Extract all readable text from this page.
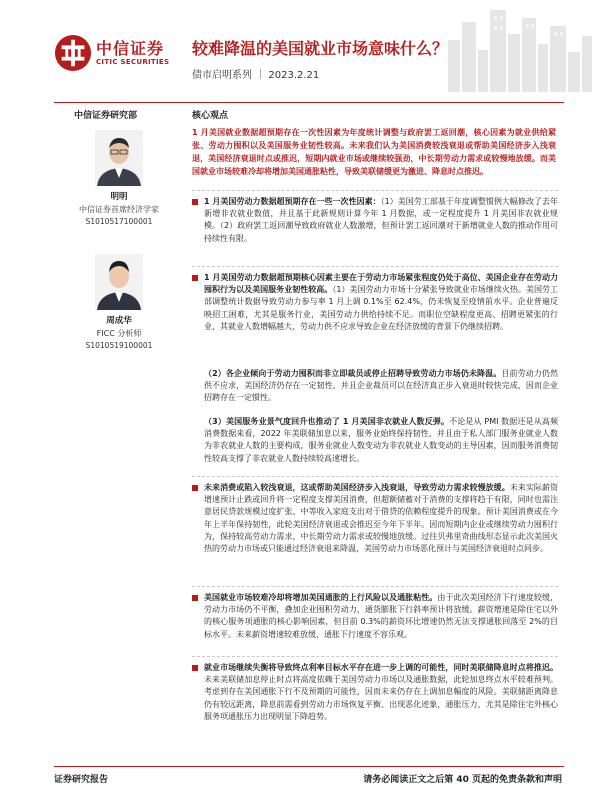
中信证券
CITIC SECURITIES
较难降温的美国就业市场意味什么？
债市启明系列 ｜ 2023.2.21
中信证券研究部
明明
中信证券首席经济学家
S1010517100001
周成华
FICC 分析师
S1010519100001
核心观点
1 月美国就业数据超预期存在一次性因素为年度统计调整与政府罢工返回潮，核心因素为就业供给紧张、劳动力囤积以及美国服务业韧性较高。未来我们认为美国消费较浅衰退或帮助美国经济步入浅衰退，美国经济衰退时点或推迟，短期内就业市场或继续较强劲，中长期劳动力需求或较慢地放缓。而美国就业市场较难冷却将增加美国通胀粘性，导致美联储缓更为激进、降息时点推迟。
1 月美国劳动力数据超预期存在一些一次性因素：（1）美国劳工部基于年度调整惯例大幅修改了去年新增非农就业数值，并且基于此新规则计算今年 1 月数据，或一定程度提升 1 月美国非农就业规模。（2）政府罢工返回潮导致政府就业人数激增，但预计罢工返回潮对于新增就业人数的推动作用可持续性有限。
1 月美国劳动力数据超预期核心因素主要在于劳动力市场紧张程度仍处于高位、美国企业存在劳动力囤积行为以及美国服务业韧性较高。（1）美国劳动力市场十分紧张导致就业市场继续火热。美国劳工部调整统计数据导致劳动力参与率 1 月上调 0.1%至 62.4%，仍未恢复至疫情前水平。企业普遍反映招工困难，尤其是服务行业，美国劳动力供给持续不足。而职位空缺程度更高、招聘更紧张的行业，其就业人数增幅越大，劳动力供不应求导致企业在经济放缓的背景下仍继续招聘。
（2）各企业倾向于劳动力囤积而非立即裁员或停止招聘导致劳动力市场仍未降温。目前劳动力仍然供不应求，美国经济仍存在一定韧性，并且企业裁员可以在经济真正步入衰退时较快完成，因而企业招聘存在一定惯性。
（3）美国服务业景气度回升也推动了 1 月美国非农就业人数反弹。不论是从 PMI 数据还是从高频消费数据来看，2022 年美联储加息以来，服务业始终保持韧性，并且由于私人部门服务业就业人数为非农就业人数的主要构成，服务业就业人数变动为非农就业人数变动的主导因素，因而服务消费韧性较高支撑了非农就业人数持续较高速增长。
未来消费或陷入较浅衰退，这或帮助美国经济步入浅衰退，导致劳动力需求较慢放缓。未来实际薪资增速预计止跌或回升将一定程度支撑美国消费，但超额储蓄对于消费的支撑将趋于有限，同时也需注意居民贷款规模过度扩张、中等收入家庭支出对于借贷的依赖程度提升的现象。预计美国消费或在今年上半年保持韧性，此轮美国经济衰退或会推迟至今年下半年。因而短期内企业或继续劳动力囤积行为，保持较高劳动力需求，中长期劳动力需求或较慢地放缓。过往贝弗里奇曲线形态显示此次美国火热的劳动力市场或只能通过经济衰退来降温，美国劳动力市场恶化预计与美国经济衰退时点同步。
美国就业市场较难冷却将增加美国通胀的上行风险以及通胀粘性。由于此次美国经济下行速度较缓，劳动力市场仍不平衡，叠加企业囤积劳动力，通货膨胀下行斜率预计将放缓。薪资增速是除住宅以外的核心服务项通胀的核心影响因素，但目前 0.3%的薪资环比增速仍然无法支撑通胀回落至 2%的目标水平。未来薪资增速较难放缓，通胀下行速度不容乐观。
就业市场继续失衡将导致终点利率目标水平存在进一步上调的可能性，同时美联储降息时点将推迟。未来美联储加息停止时点将高度依赖于美国劳动力市场以及通胀数据，此轮加息终点水平较难预判。考虑到存在美国通胀下行不及预期的可能性，因而未来仍存在上调加息幅度的风险。美联储距离降息仍有较远距离，降息前需看到劳动力市场恢复平衡、出现恶化迹象，通胀压力，尤其是除住宅外核心服务项通胀压力出现明显下降趋势。
证券研究报告	请务必阅读正文之后第 40 页起的免责条款和声明
